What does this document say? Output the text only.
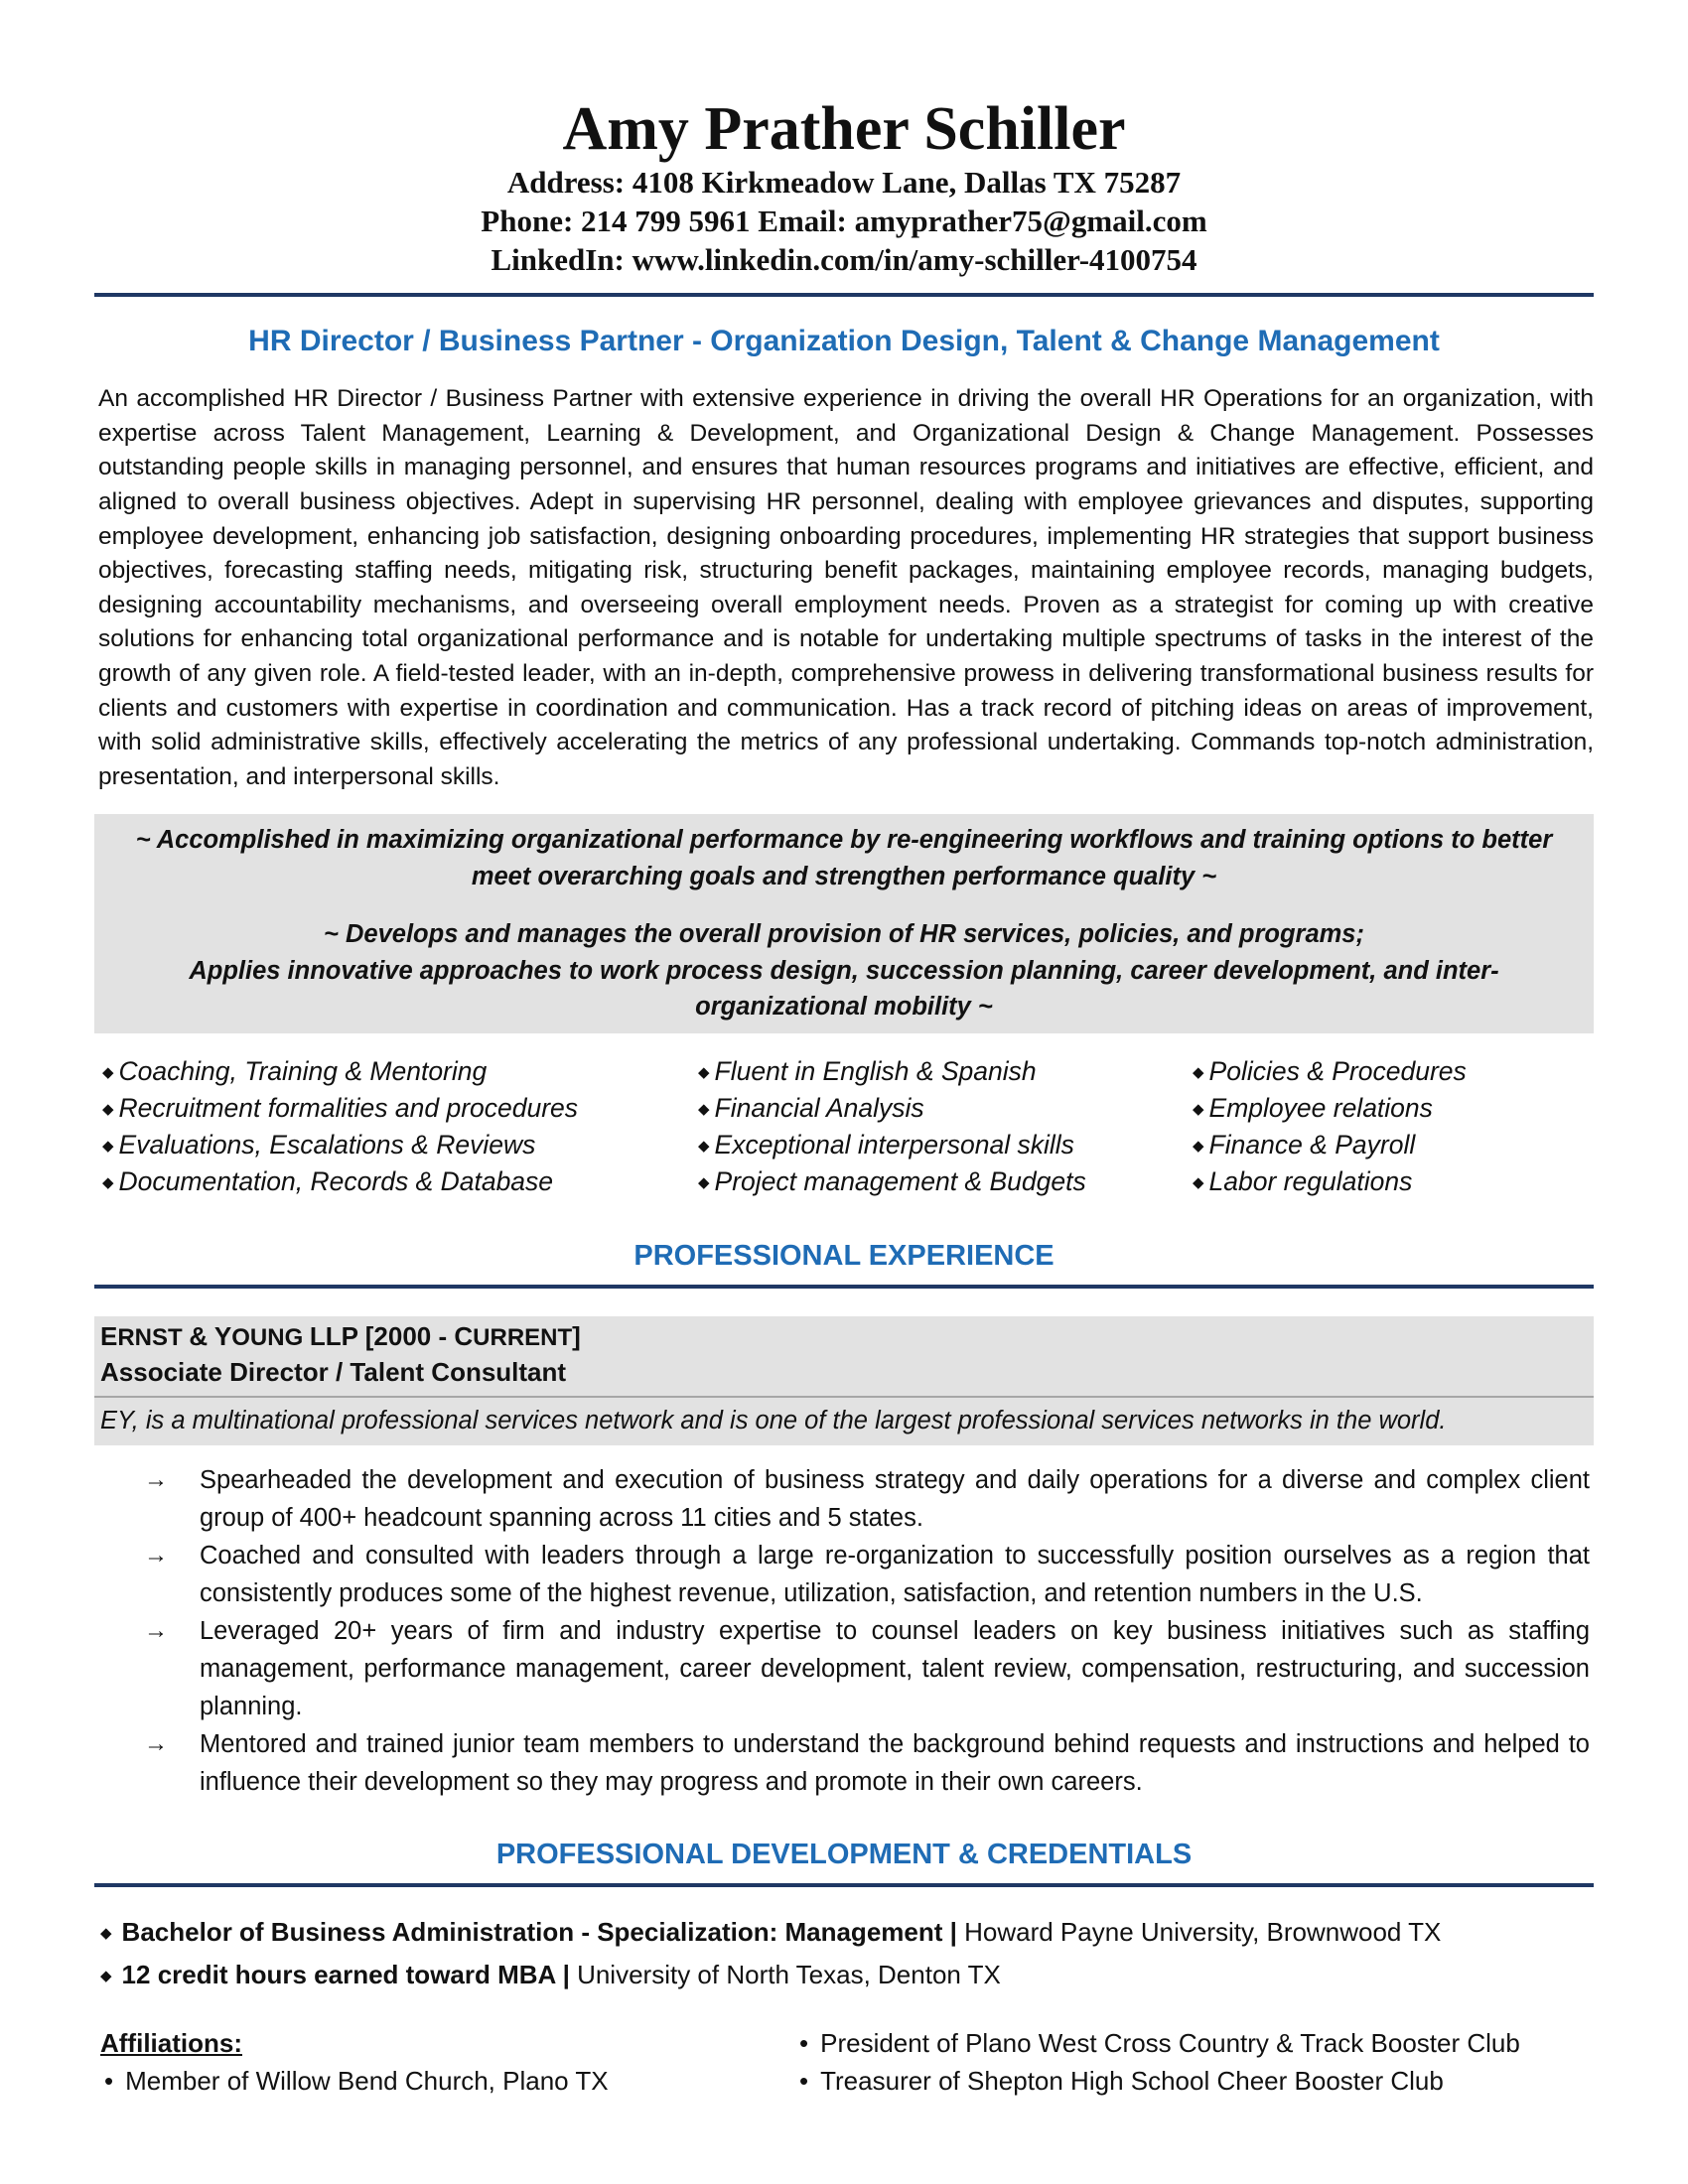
Amy Prather Schiller
Address: 4108 Kirkmeadow Lane, Dallas TX 75287
Phone: 214 799 5961 Email: amyprather75@gmail.com
LinkedIn: www.linkedin.com/in/amy-schiller-4100754
HR Director / Business Partner - Organization Design, Talent & Change Management

An accomplished HR Director / Business Partner with extensive experience in driving the overall HR Operations for an organization, with expertise across Talent Management, Learning & Development, and Organizational Design & Change Management. Possesses outstanding people skills in managing personnel, and ensures that human resources programs and initiatives are effective, efficient, and aligned to overall business objectives. Adept in supervising HR personnel, dealing with employee grievances and disputes, supporting employee development, enhancing job satisfaction, designing onboarding procedures, implementing HR strategies that support business objectives, forecasting staffing needs, mitigating risk, structuring benefit packages, maintaining employee records, managing budgets, designing accountability mechanisms, and overseeing overall employment needs. Proven as a strategist for coming up with creative solutions for enhancing total organizational performance and is notable for undertaking multiple spectrums of tasks in the interest of the growth of any given role. A field-tested leader, with an in-depth, comprehensive prowess in delivering transformational business results for clients and customers with expertise in coordination and communication. Has a track record of pitching ideas on areas of improvement, with solid administrative skills, effectively accelerating the metrics of any professional undertaking. Commands top-notch administration, presentation, and interpersonal skills.

~ Accomplished in maximizing organizational performance by re-engineering workflows and training options to better meet overarching goals and strengthen performance quality ~

~ Develops and manages the overall provision of HR services, policies, and programs;

Applies innovative approaches to work process design, succession planning, career development, and inter-organizational mobility ~

◆ Coaching, Training & Mentoring
◆ Recruitment formalities and procedures
◆ Evaluations, Escalations & Reviews
◆ Documentation, Records & Database
◆ Fluent in English & Spanish
◆ Financial Analysis
◆ Exceptional interpersonal skills
◆ Project management & Budgets
◆ Policies & Procedures
◆ Employee relations
◆ Finance & Payroll
◆ Labor regulations
PROFESSIONAL EXPERIENCE
ERNST & YOUNG LLP [2000 - CURRENT]
Associate Director / Talent Consultant
EY, is a multinational professional services network and is one of the largest professional services networks in the world.
→ Spearheaded the development and execution of business strategy and daily operations for a diverse and complex client group of 400+ headcount spanning across 11 cities and 5 states.
→ Coached and consulted with leaders through a large re-organization to successfully position ourselves as a region that consistently produces some of the highest revenue, utilization, satisfaction, and retention numbers in the U.S.
→ Leveraged 20+ years of firm and industry expertise to counsel leaders on key business initiatives such as staffing management, performance management, career development, talent review, compensation, restructuring, and succession planning.
→ Mentored and trained junior team members to understand the background behind requests and instructions and helped to influence their development so they may progress and promote in their own careers.
PROFESSIONAL DEVELOPMENT & CREDENTIALS
◆ Bachelor of Business Administration - Specialization: Management | Howard Payne University, Brownwood TX
◆ 12 credit hours earned toward MBA | University of North Texas, Denton TX
Affiliations:
• Member of Willow Bend Church, Plano TX
• President of Plano West Cross Country & Track Booster Club
• Treasurer of Shepton High School Cheer Booster Club
